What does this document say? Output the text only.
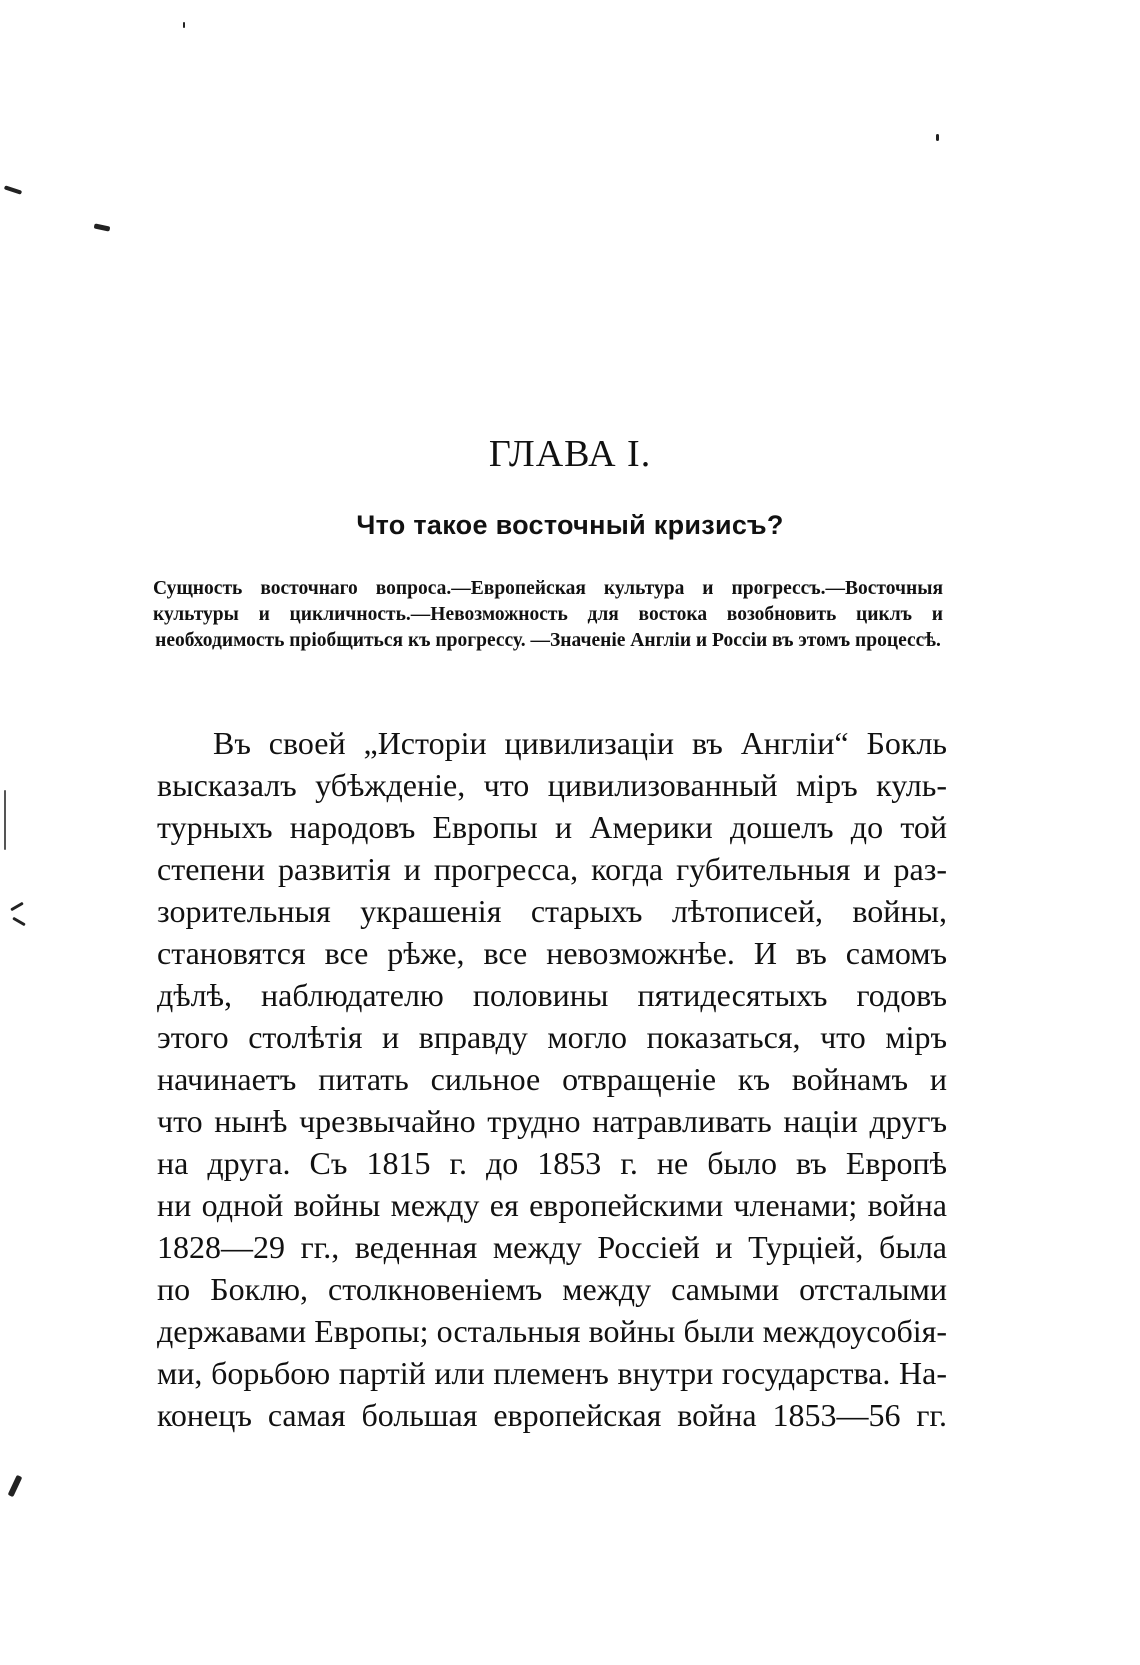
ГЛАВА I.
Что такое восточный кризисъ?
Сущность восточнаго вопроса.—Европейская культура и прогрессъ.—Восточныя культуры и цикличность.—Невозможность для востока возобновить циклъ и необходимость пріобщиться къ прогрессу. —Значеніе Англіи и Россіи въ этомъ процессѣ.
Въ своей „Исторіи цивилизаціи въ Англіи“ Бокль
высказалъ убѣжденіе, что цивилизованный міръ куль-
турныхъ народовъ Европы и Америки дошелъ до той
степени развитія и прогресса, когда губительныя и раз-
зорительныя украшенія старыхъ лѣтописей, войны,
становятся все рѣже, все невозможнѣе. И въ самомъ
дѣлѣ, наблюдателю половины пятидесятыхъ годовъ
этого столѣтія и вправду могло показаться, что міръ
начинаетъ питать сильное отвращеніе къ войнамъ и
что нынѣ чрезвычайно трудно натравливать націи другъ
на друга. Съ 1815 г. до 1853 г. не было въ Европѣ
ни одной войны между ея европейскими членами; война
1828—29 гг., веденная между Россіей и Турціей, была
по Боклю, столкновеніемъ между самыми отсталыми
державами Европы; остальныя войны были междоусобія-
ми, борьбою партій или племенъ внутри государства. На-
конецъ самая большая европейская война 1853—56 гг.
